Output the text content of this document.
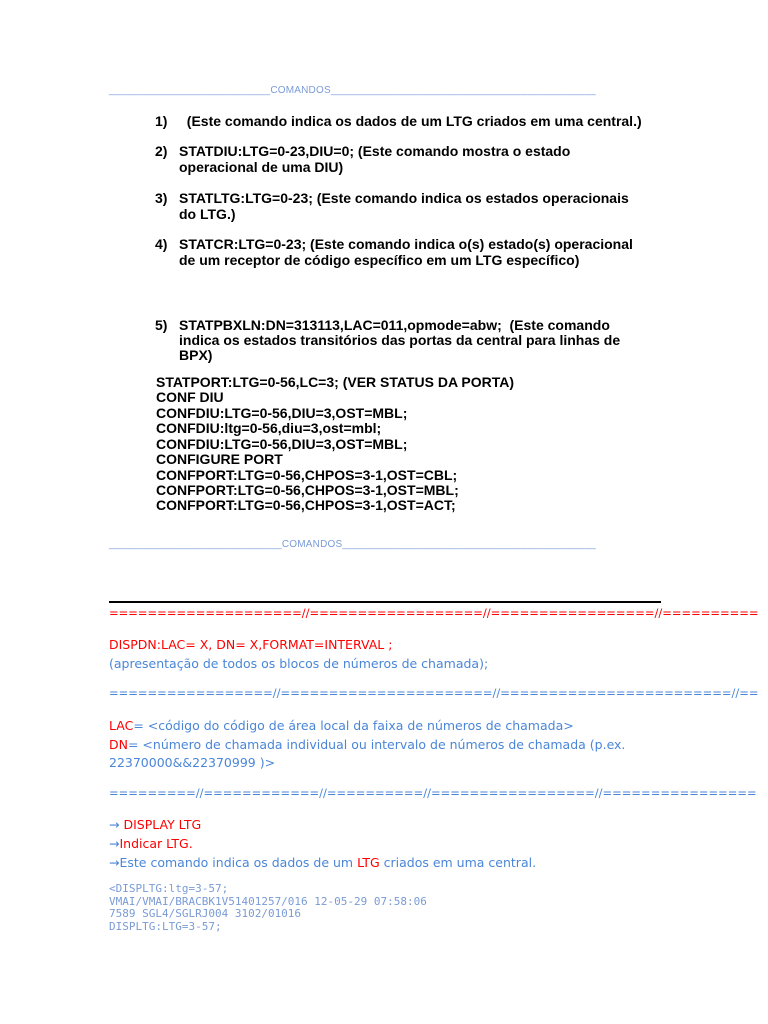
____________________________COMANDOS______________________________________________
1) (Este comando indica os dados de um LTG criados em uma central.)
2) STATDIU:LTG=0-23,DIU=0; (Este comando mostra o estado
operacional de uma DIU)
3) STATLTG:LTG=0-23; (Este comando indica os estados operacionais
do LTG.)
4) STATCR:LTG=0-23; (Este comando indica o(s) estado(s) operacional
de um receptor de código específico em um LTG específico)
5) STATPBXLN:DN=313113,LAC=011,opmode=abw;  (Este comando
indica os estados transitórios das portas da central para linhas de
BPX)
STATPORT:LTG=0-56,LC=3; (VER STATUS DA PORTA)
CONF DIU
CONFDIU:LTG=0-56,DIU=3,OST=MBL;
CONFDIU:ltg=0-56,diu=3,ost=mbl;
CONFDIU:LTG=0-56,DIU=3,OST=MBL;
CONFIGURE PORT
CONFPORT:LTG=0-56,CHPOS=3-1,OST=CBL;
CONFPORT:LTG=0-56,CHPOS=3-1,OST=MBL;
CONFPORT:LTG=0-56,CHPOS=3-1,OST=ACT;
______________________________COMANDOS____________________________________________
====================//==================//=================//==========
DISPDN:LAC= X, DN= X,FORMAT=INTERVAL ;
(apresentação de todos os blocos de números de chamada);
=================//======================//========================//==
LAC= <código do código de área local da faixa de números de chamada>
DN= <número de chamada individual ou intervalo de números de chamada (p.ex.
22370000&&22370999 )>
=========//============//==========//=================//================
→ DISPLAY LTG
→Indicar LTG.
→Este comando indica os dados de um LTG criados em uma central.
<DISPLTG:ltg=3-57;
VMAI/VMAI/BRACBK1V51401257/016 12-05-29 07:58:06
7589 SGL4/SGLRJ004 3102/01016
DISPLTG:LTG=3-57;
